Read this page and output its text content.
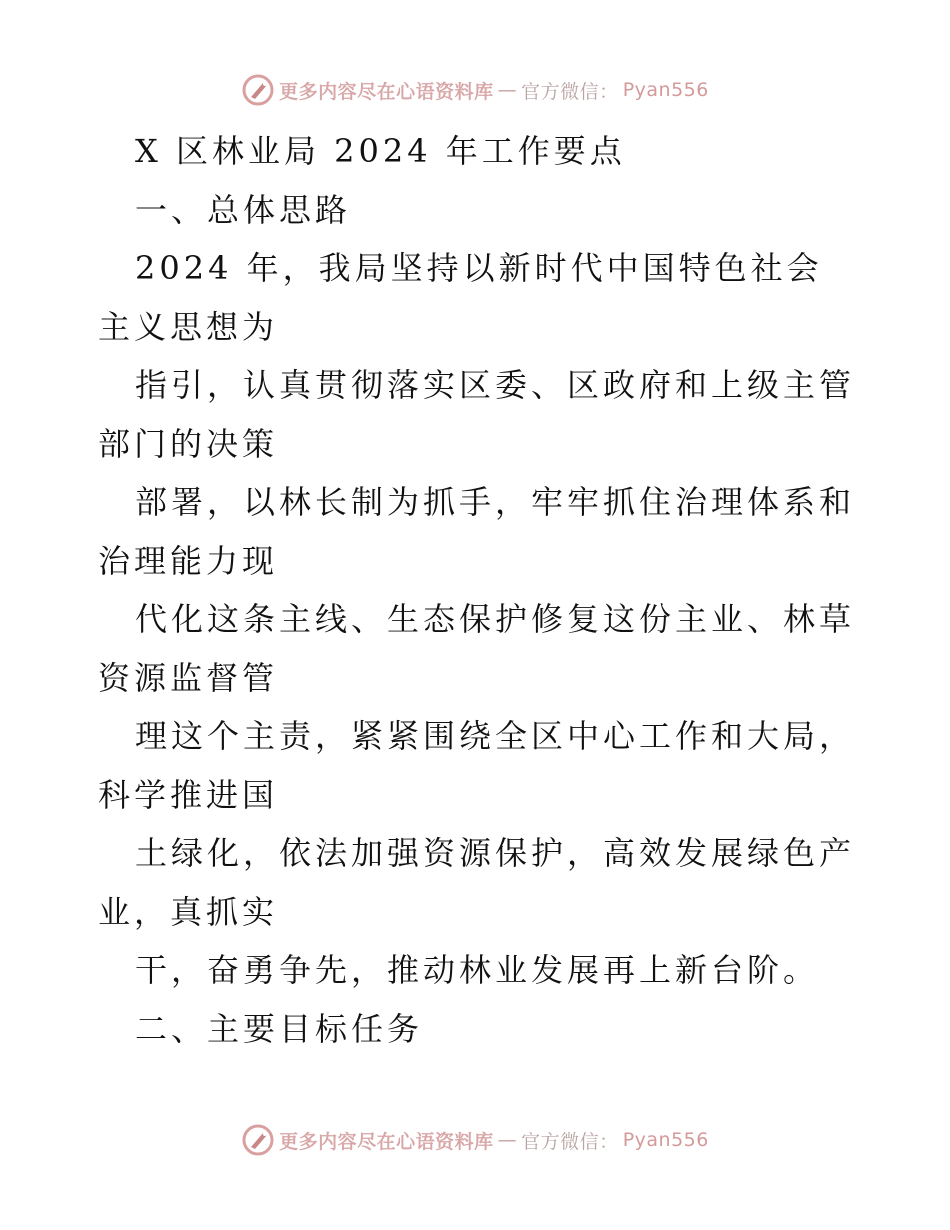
更多内容尽在心语资料库 — 官方微信： Pyan556

X 区林业局 2024 年工作要点

一、总体思路

2024 年，我局坚持以新时代中国特色社会主义思想为

指引，认真贯彻落实区委、区政府和上级主管部门的决策

部署，以林长制为抓手，牢牢抓住治理体系和治理能力现

代化这条主线、生态保护修复这份主业、林草资源监督管

理这个主责，紧紧围绕全区中心工作和大局，科学推进国

土绿化，依法加强资源保护，高效发展绿色产业，真抓实

干，奋勇争先，推动林业发展再上新台阶。

二、主要目标任务

更多内容尽在心语资料库 — 官方微信： Pyan556
